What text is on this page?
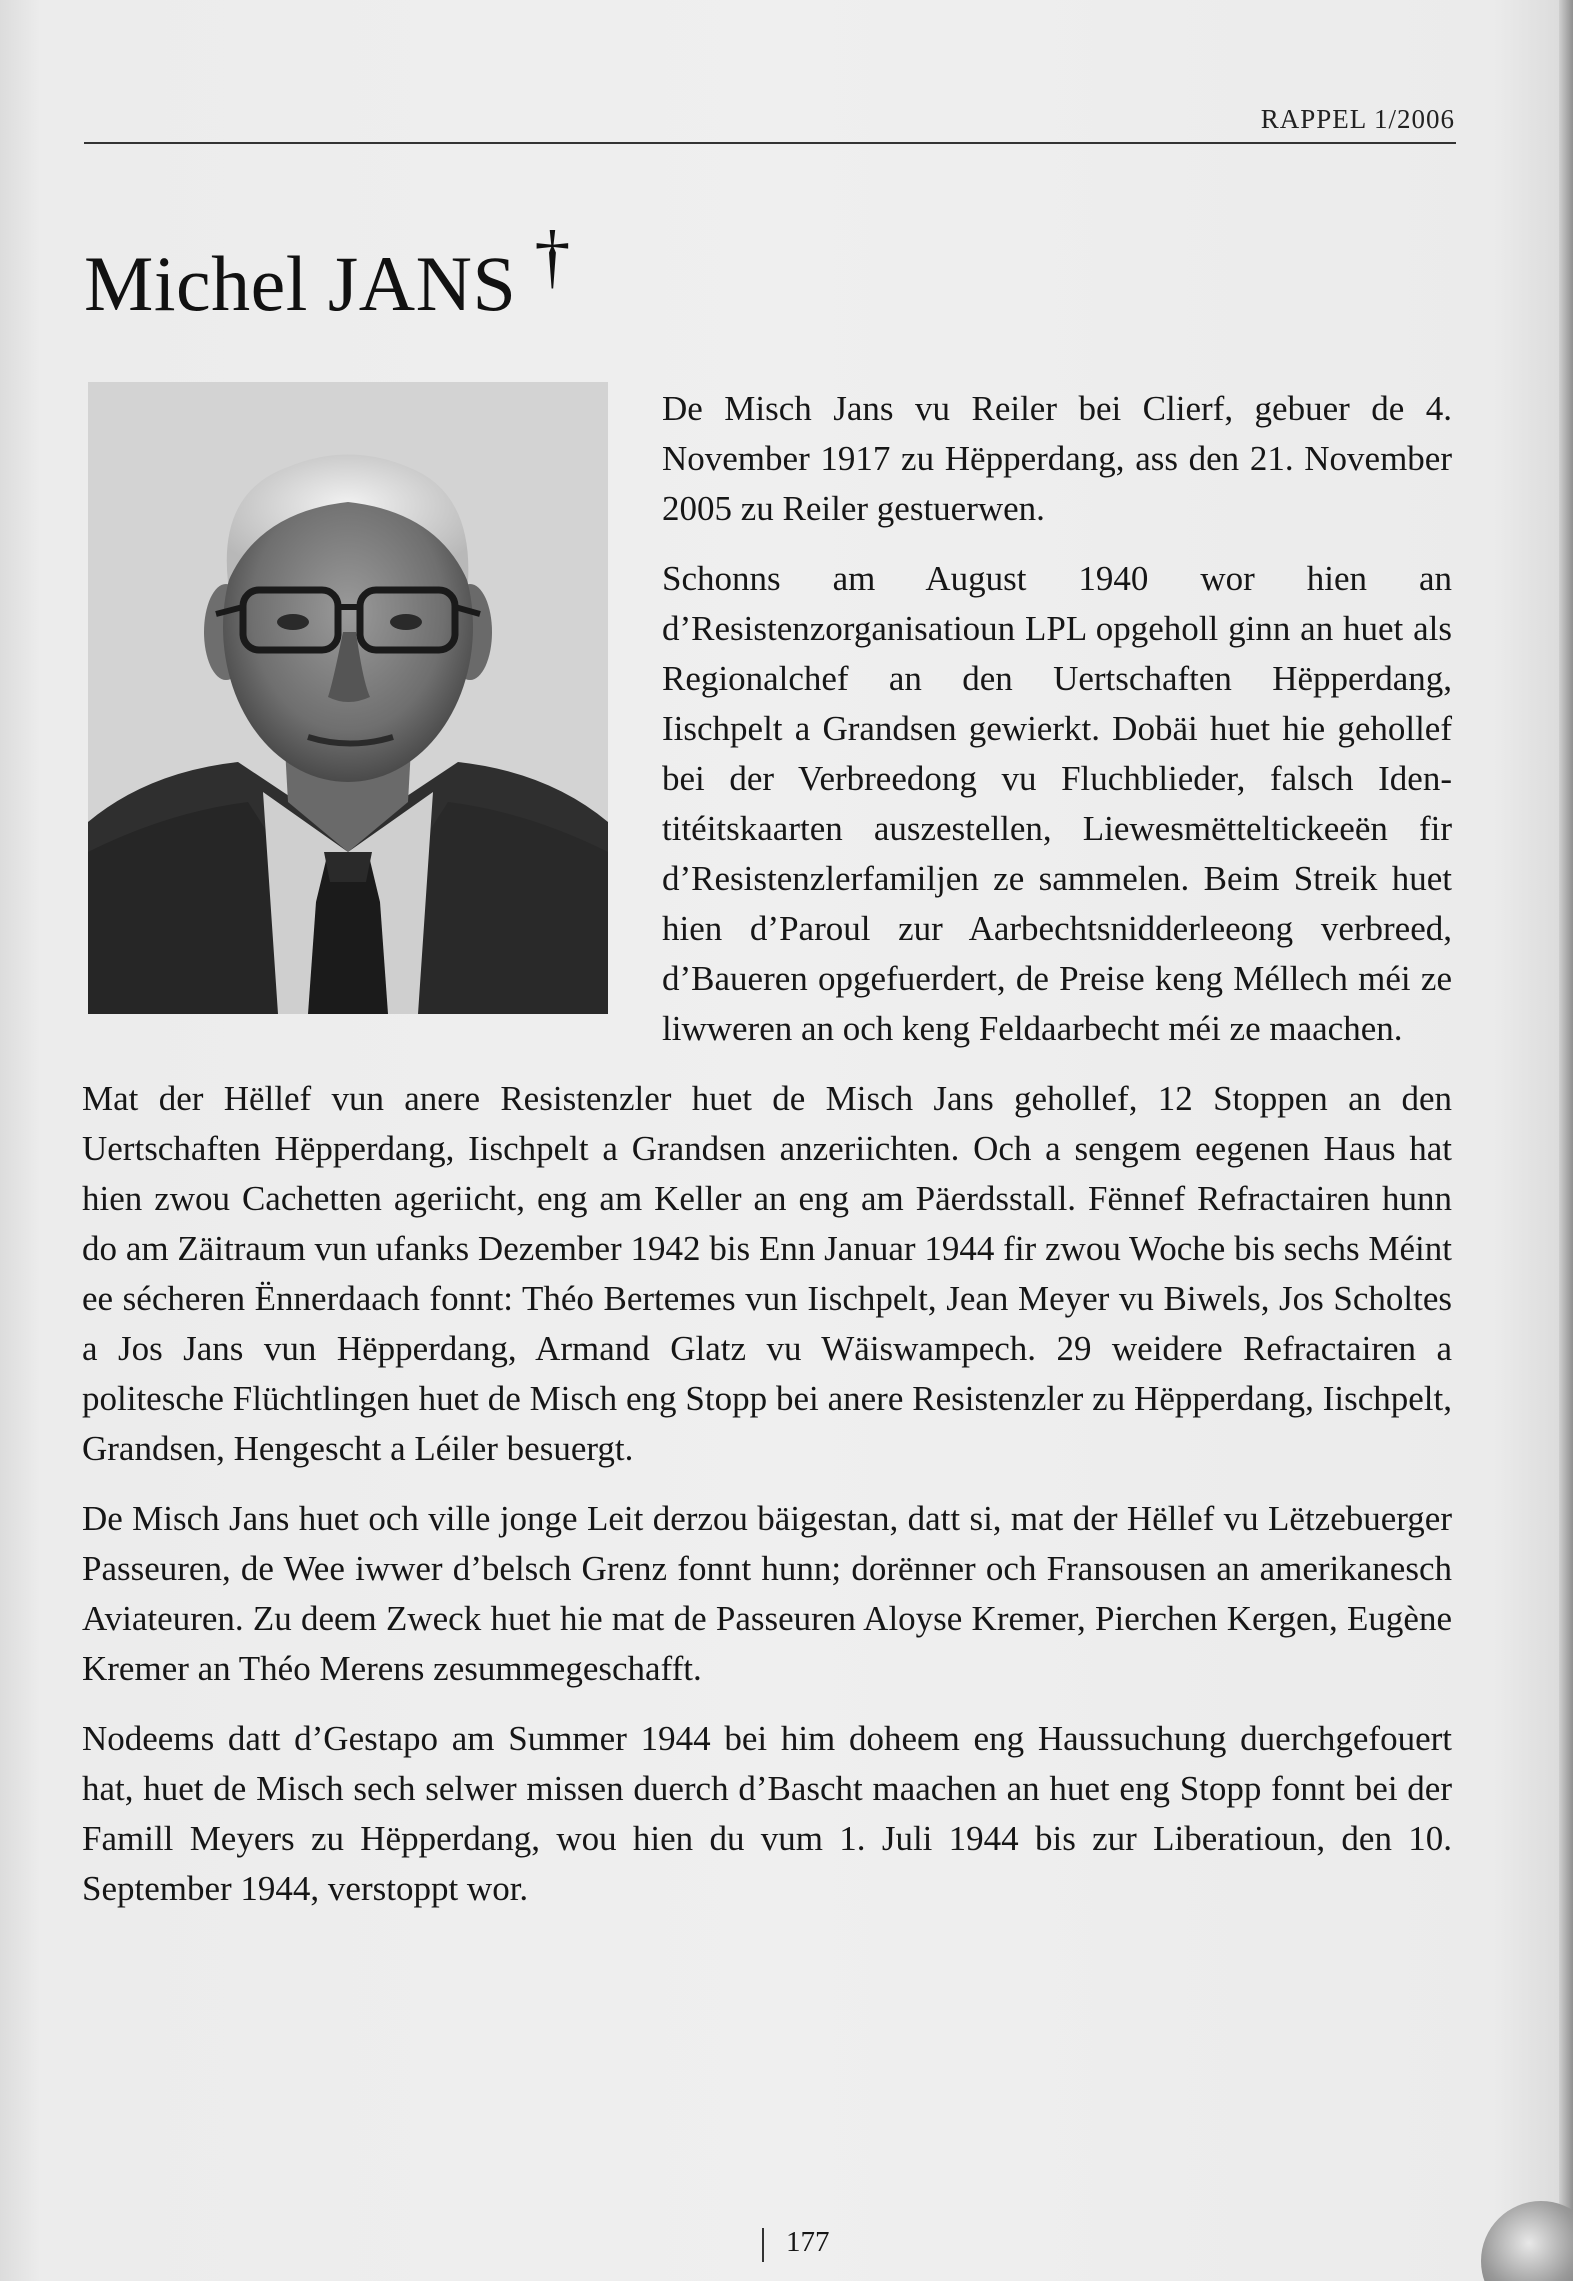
RAPPEL 1/2006
Michel JANS †

De Misch Jans vu Reiler bei Clierf, gebuer de 4. November 1917 zu Hëpperdang, ass den 21. November 2005 zu Reiler gestuerwen.

Schonns am August 1940 wor hien an d’Resistenzorganisatioun LPL opgeholl ginn an huet als Regionalchef an den Uertschaften Hëpperdang, Iischpelt a Grandsen gewierkt. Dobäi huet hie gehollef bei der Verbreedong vu Fluchblieder, falsch Identitéitskaarten auszestellen, Liewesmëtteltickeeën fir d’Resistenzlerfamiljen ze sammelen. Beim Streik huet hien d’Paroul zur Aarbechtsnidderleeong verbreed, d’Baueren opgefuerdert, de Preise keng Méllech méi ze liwweren an och keng Feldaarbecht méi ze maachen.

Mat der Hëllef vun anere Resistenzler huet de Misch Jans gehollef, 12 Stoppen an den Uertschaften Hëpperdang, Iischpelt a Grandsen anzeriichten. Och a sengem eegenen Haus hat hien zwou Cachetten ageriicht, eng am Keller an eng am Päerdsstall. Fënnef Refractairen hunn do am Zäitraum vun ufanks Dezember 1942 bis Enn Januar 1944 fir zwou Woche bis sechs Méint ee sécheren Ënnerdaach fonnt: Théo Bertemes vun Iischpelt, Jean Meyer vu Biwels, Jos Scholtes a Jos Jans vun Hëpperdang, Armand Glatz vu Wäiswampech. 29 weidere Refractairen a politesche Flüchtlingen huet de Misch eng Stopp bei anere Resistenzler zu Hëpperdang, Iischpelt, Grandsen, Hengescht a Léiler besuergt.

De Misch Jans huet och ville jonge Leit derzou bäigestan, datt si, mat der Hëllef vu Lëtzebuerger Passeuren, de Wee iwwer d’belsch Grenz fonnt hunn; dorënner och Fransousen an amerikanesch Aviateuren. Zu deem Zweck huet hie mat de Passeuren Aloyse Kremer, Pierchen Kergen, Eugène Kremer an Théo Merens zesummegeschafft.

Nodeems datt d’Gestapo am Summer 1944 bei him doheem eng Haussuchung duerchgefouert hat, huet de Misch sech selwer missen duerch d’Bascht maachen an huet eng Stopp fonnt bei der Famill Meyers zu Hëpperdang, wou hien du vum 1. Juli 1944 bis zur Liberatioun, den 10. September 1944, verstoppt wor.

177
